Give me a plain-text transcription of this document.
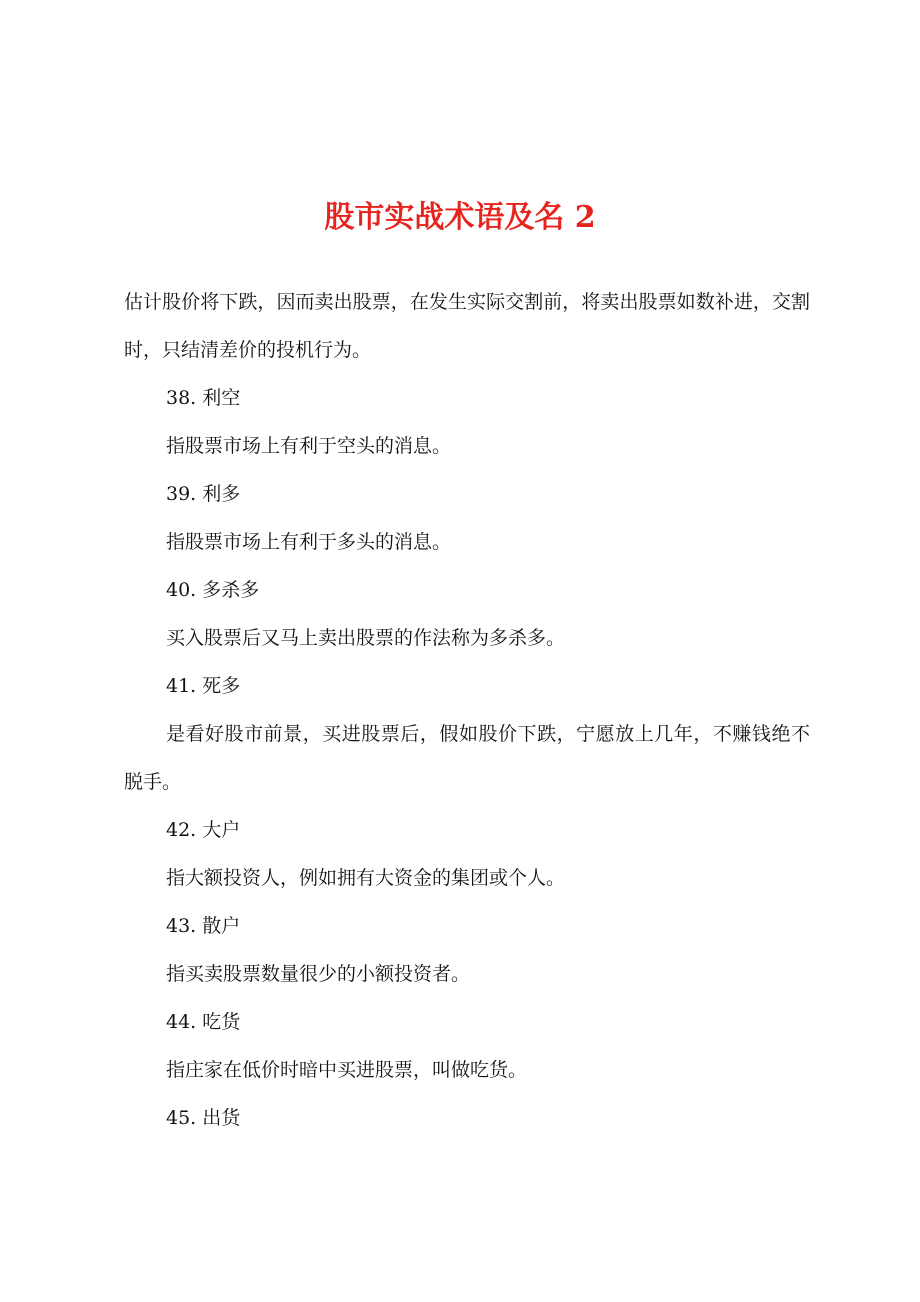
股市实战术语及名 2

估计股价将下跌，因而卖出股票，在发生实际交割前，将卖出股票如数补进，交割时，只结清差价的投机行为。

38. 利空

指股票市场上有利于空头的消息。

39. 利多

指股票市场上有利于多头的消息。

40. 多杀多

买入股票后又马上卖出股票的作法称为多杀多。

41. 死多

是看好股市前景，买进股票后，假如股价下跌，宁愿放上几年，不赚钱绝不脱手。

42. 大户

指大额投资人，例如拥有大资金的集团或个人。

43. 散户

指买卖股票数量很少的小额投资者。

44. 吃货

指庄家在低价时暗中买进股票，叫做吃货。

45. 出货
